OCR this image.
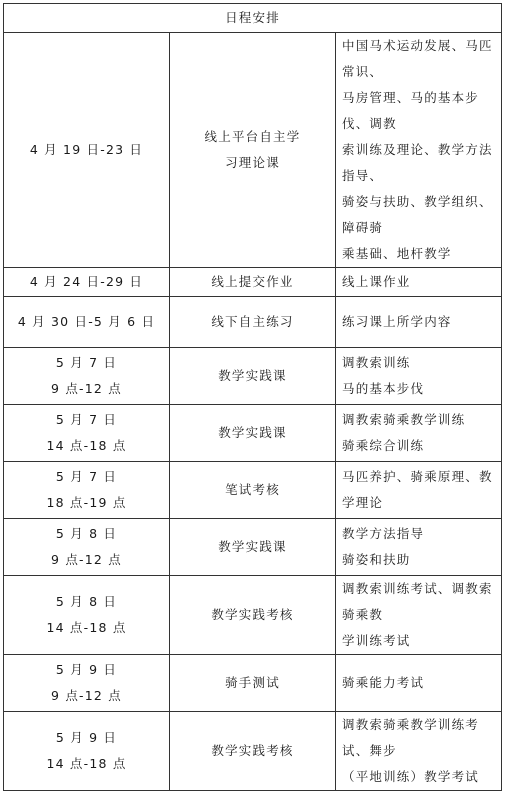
日程安排		

4 月 19 日-23 日	线上平台自主学
习理论课	中国马术运动发展、马匹常识、
马房管理、马的基本步伐、调教
索训练及理论、教学方法指导、
骑姿与扶助、教学组织、障碍骑
乘基础、地杆教学

4 月 24 日-29 日	线上提交作业	线上课作业

4 月 30 日-5 月 6 日	线下自主练习	练习课上所学内容

5 月 7 日
9 点-12 点	教学实践课	调教索训练
马的基本步伐

5 月 7 日
14 点-18 点	教学实践课	调教索骑乘教学训练
骑乘综合训练

5 月 7 日
18 点-19 点	笔试考核	马匹养护、骑乘原理、教学理论

5 月 8 日
9 点-12 点	教学实践课	教学方法指导
骑姿和扶助

5 月 8 日
14 点-18 点	教学实践考核	调教索训练考试、调教索骑乘教
学训练考试

5 月 9 日
9 点-12 点	骑手测试	骑乘能力考试

5 月 9 日
14 点-18 点	教学实践考核	调教索骑乘教学训练考试、舞步
（平地训练）教学考试
